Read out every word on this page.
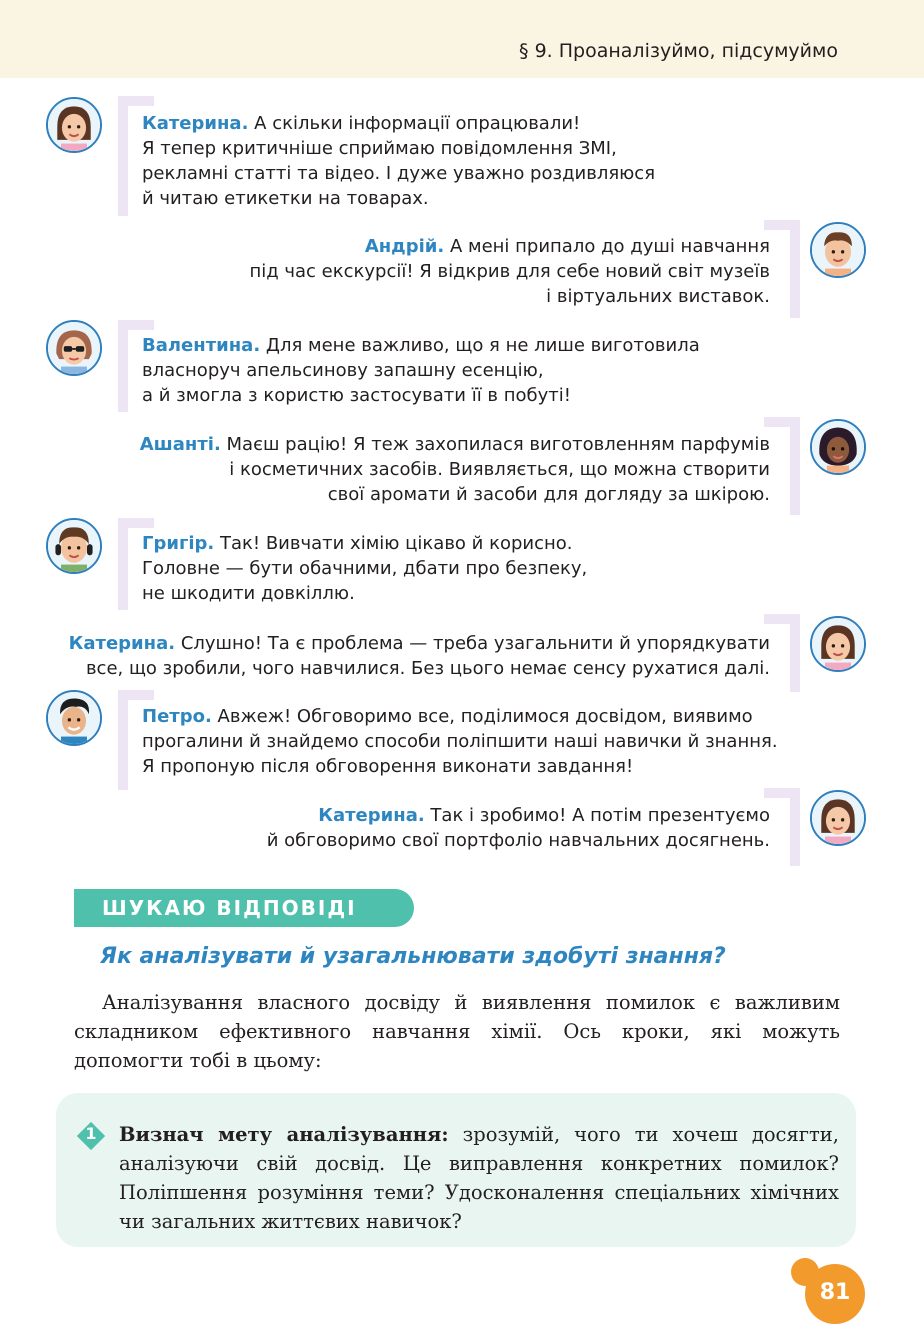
§ 9. Проаналізуймо, підсумуймо
Катерина. А скільки інформації опрацювали!
Я тепер критичніше сприймаю повідомлення ЗМІ,
рекламні статті та відео. І дуже уважно роздивляюся
й читаю етикетки на товарах.
Андрій. А мені припало до душі навчання
під час екскурсії! Я відкрив для себе новий світ музеїв
і віртуальних виставок.
Валентина. Для мене важливо, що я не лише виготовила
власноруч апельсинову запашну есенцію,
а й змогла з користю застосувати її в побуті!
Ашанті. Маєш рацію! Я теж захопилася виготовленням парфумів
і косметичних засобів. Виявляється, що можна створити
свої аромати й засоби для догляду за шкірою.
Григір. Так! Вивчати хімію цікаво й корисно.
Головне — бути обачними, дбати про безпеку,
не шкодити довкіллю.
Катерина. Слушно! Та є проблема — треба узагальнити й упорядкувати
все, що зробили, чого навчилися. Без цього немає сенсу рухатися далі.
Петро. Авжеж! Обговоримо все, поділимося досвідом, виявимо
прогалини й знайдемо способи поліпшити наші навички й знання.
Я пропоную після обговорення виконати завдання!
Катерина. Так і зробимо! А потім презентуємо
й обговоримо свої портфоліо навчальних досягнень.
ШУКАЮ ВІДПОВІДІ
Як аналізувати й узагальнювати здобуті знання?
Аналізування власного досвіду й виявлення помилок є важливим складником ефективного навчання хімії. Ось кроки, які можуть допомогти тобі в цьому:
1	Визнач мету аналізування: зрозумій, чого ти хочеш досягти, аналізуючи свій досвід. Це виправлення конкретних помилок? Поліпшення розуміння теми? Удосконалення спеціальних хімічних чи загальних життєвих навичок?
81
